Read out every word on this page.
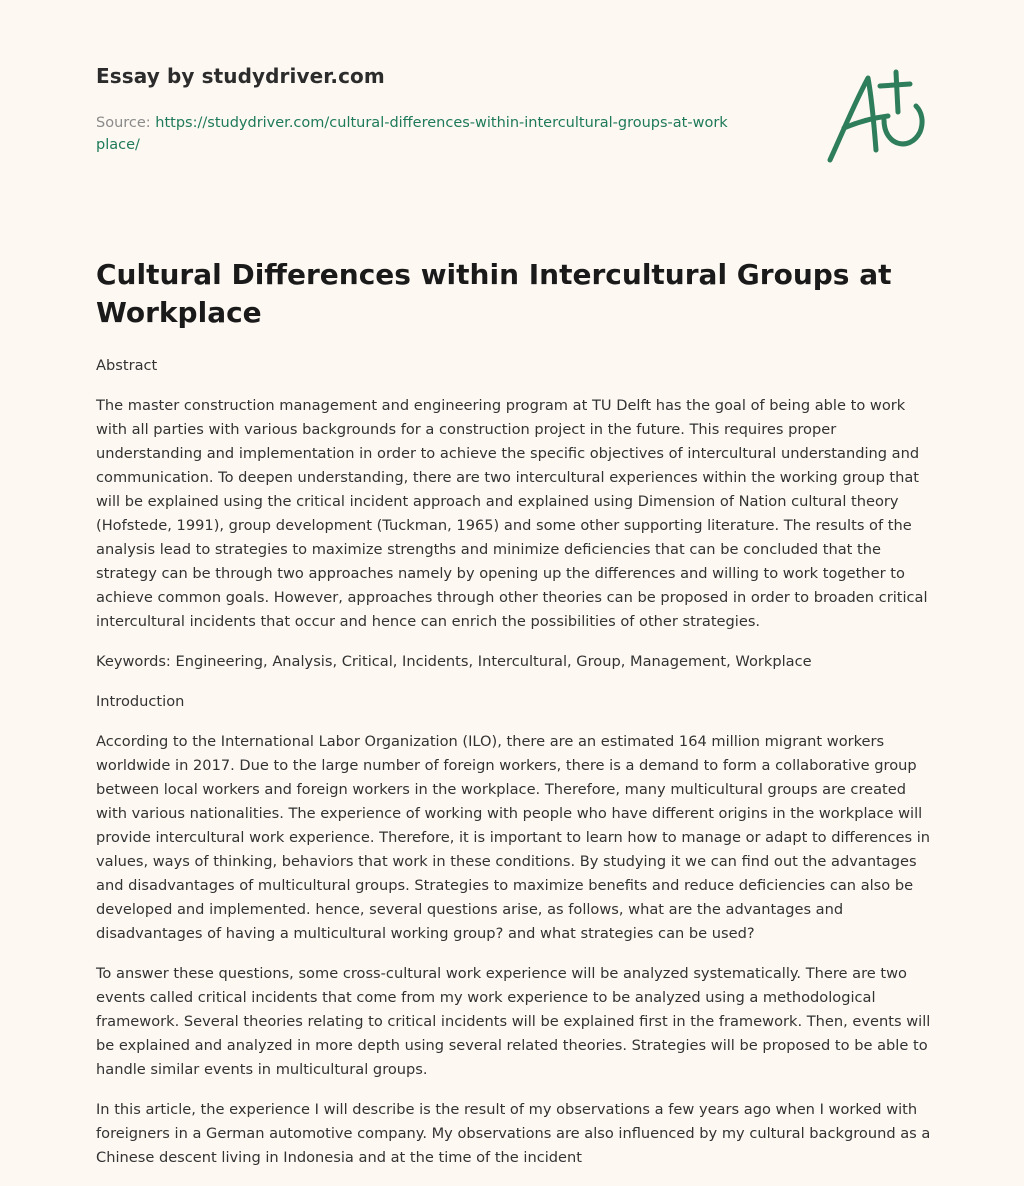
Essay by studydriver.com
Source: https://studydriver.com/cultural-differences-within-intercultural-groups-at-workplace/
Cultural Differences within Intercultural Groups at Workplace

Abstract

The master construction management and engineering program at TU Delft has the goal of being able to work with all parties with various backgrounds for a construction project in the future. This requires proper understanding and implementation in order to achieve the specific objectives of intercultural understanding and communication. To deepen understanding, there are two intercultural experiences within the working group that will be explained using the critical incident approach and explained using Dimension of Nation cultural theory (Hofstede, 1991), group development (Tuckman, 1965) and some other supporting literature. The results of the analysis lead to strategies to maximize strengths and minimize deficiencies that can be concluded that the strategy can be through two approaches namely by opening up the differences and willing to work together to achieve common goals. However, approaches through other theories can be proposed in order to broaden critical intercultural incidents that occur and hence can enrich the possibilities of other strategies.

Keywords: Engineering, Analysis, Critical, Incidents, Intercultural, Group, Management, Workplace

Introduction

According to the International Labor Organization (ILO), there are an estimated 164 million migrant workers worldwide in 2017. Due to the large number of foreign workers, there is a demand to form a collaborative group between local workers and foreign workers in the workplace. Therefore, many multicultural groups are created with various nationalities. The experience of working with people who have different origins in the workplace will provide intercultural work experience. Therefore, it is important to learn how to manage or adapt to differences in values, ways of thinking, behaviors that work in these conditions. By studying it we can find out the advantages and disadvantages of multicultural groups. Strategies to maximize benefits and reduce deficiencies can also be developed and implemented. hence, several questions arise, as follows, what are the advantages and disadvantages of having a multicultural working group? and what strategies can be used?

To answer these questions, some cross-cultural work experience will be analyzed systematically. There are two events called critical incidents that come from my work experience to be analyzed using a methodological framework. Several theories relating to critical incidents will be explained first in the framework. Then, events will be explained and analyzed in more depth using several related theories. Strategies will be proposed to be able to handle similar events in multicultural groups.

In this article, the experience I will describe is the result of my observations a few years ago when I worked with foreigners in a German automotive company. My observations are also influenced by my cultural background as a Chinese descent living in Indonesia and at the time of the incident
